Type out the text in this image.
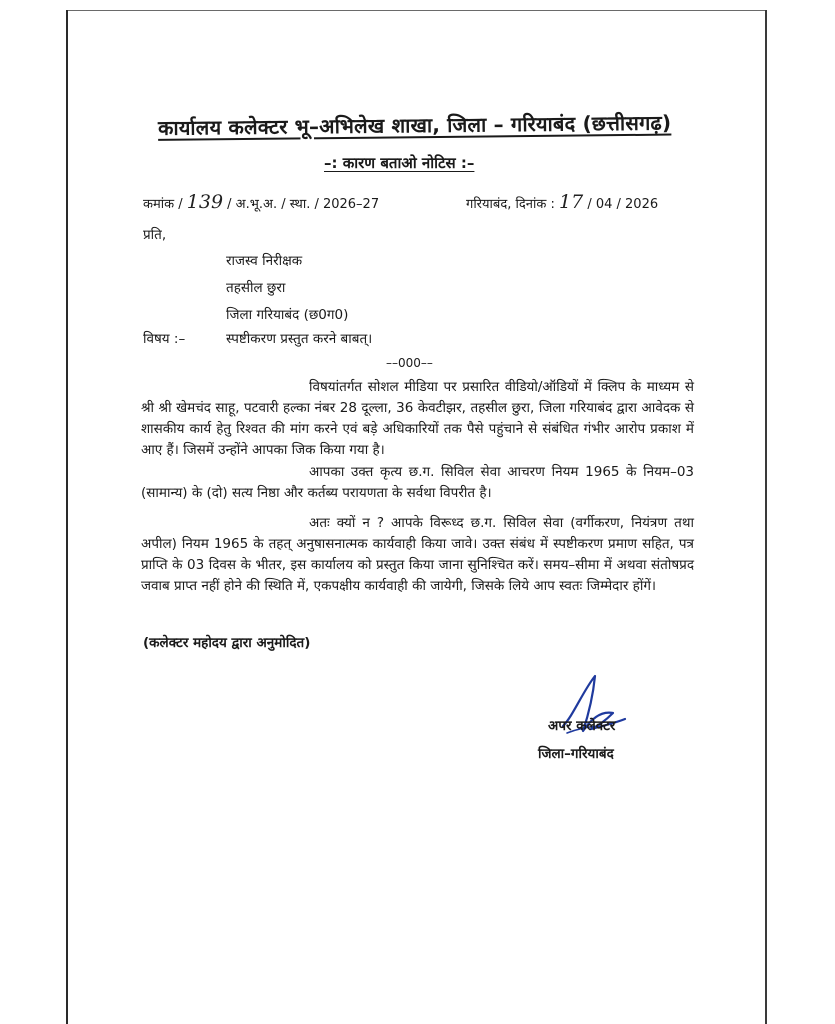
कार्यालय कलेक्टर भू–अभिलेख शाखा, जिला – गरियाबंद (छत्तीसगढ़)
–: कारण बताओ नोटिस :–
कमांक / 139 / अ.भू.अ. / स्था. / 2026–27	गरियाबंद, दिनांक : 17 / 04 / 2026
प्रति,
राजस्व निरीक्षक
तहसील छुरा
जिला गरियाबंद (छ0ग0)
विषय :–	स्पष्टीकरण प्रस्तुत करने बाबत्।
––000––
विषयांतर्गत सोशल मीडिया पर प्रसारित वीडियो/ऑडियों में क्लिप के माध्यम से श्री श्री खेमचंद साहू, पटवारी हल्का नंबर 28 दूल्ला, 36 केवटीझर, तहसील छुरा, जिला गरियाबंद द्वारा आवेदक से शासकीय कार्य हेतु रिश्वत की मांग करने एवं बड़े अधिकारियों तक पैसे पहुंचाने से संबंधित गंभीर आरोप प्रकाश में आए हैं। जिसमें उन्होंने आपका जिक किया गया है।
आपका उक्त कृत्य छ.ग. सिविल सेवा आचरण नियम 1965 के नियम–03 (सामान्य) के (दो) सत्य निष्ठा और कर्तब्य परायणता के सर्वथा विपरीत है।
अतः क्यों न ? आपके विरूध्द छ.ग. सिविल सेवा (वर्गीकरण, नियंत्रण तथा अपील) नियम 1965 के तहत् अनुषासनात्मक कार्यवाही किया जावे। उक्त संबंध में स्पष्टीकरण प्रमाण सहित, पत्र प्राप्ति के 03 दिवस के भीतर, इस कार्यालय को प्रस्तुत किया जाना सुनिश्चित करें। समय–सीमा में अथवा संतोषप्रद जवाब प्राप्त नहीं होने की स्थिति में, एकपक्षीय कार्यवाही की जायेगी, जिसके लिये आप स्वतः जिम्मेदार होंगें।
(कलेक्टर महोदय द्वारा अनुमोदित)
अपर कलेक्टर
जिला–गरियाबंद
